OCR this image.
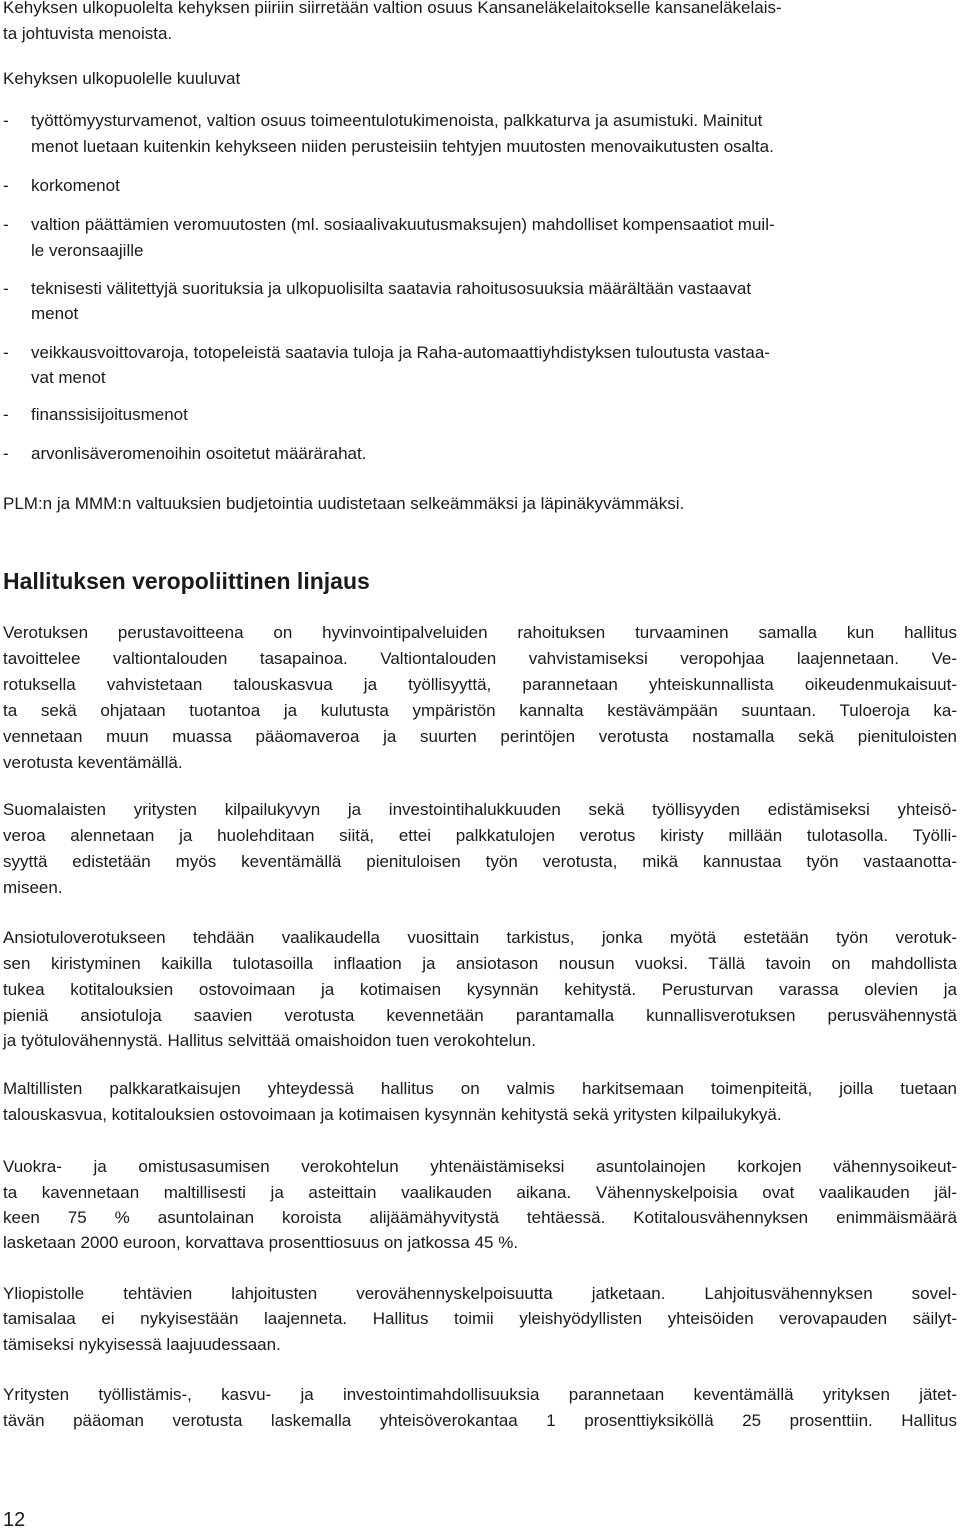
Kehyksen ulkopuolelta kehyksen piiriin siirretään valtion osuus Kansaneläkelaitokselle kansaneläkelais-
ta johtuvista menoista.
Kehyksen ulkopuolelle kuuluvat
- työttömyysturvamenot, valtion osuus toimeentulotukimenoista, palkkaturva ja asumistuki. Mainitut
menot luetaan kuitenkin kehykseen niiden perusteisiin tehtyjen muutosten menovaikutusten osalta.
- korkomenot
- valtion päättämien veromuutosten (ml. sosiaalivakuutusmaksujen) mahdolliset kompensaatiot muil-
le veronsaajille
- teknisesti välitettyjä suorituksia ja ulkopuolisilta saatavia rahoitusosuuksia määrältään vastaavat
menot
- veikkausvoittovaroja, totopeleistä saatavia tuloja ja Raha-automaattiyhdistyksen tuloutusta vastaa-
vat menot
- finanssisijoitusmenot
- arvonlisäveromenoihin osoitetut määrärahat.
PLM:n ja MMM:n valtuuksien budjetointia uudistetaan selkeämmäksi ja läpinäkyvämmäksi.
Hallituksen veropoliittinen linjaus
Verotuksen perustavoitteena on hyvinvointipalveluiden rahoituksen turvaaminen samalla kun hallitus
tavoittelee valtiontalouden tasapainoa. Valtiontalouden vahvistamiseksi veropohjaa laajennetaan. Ve-
rotuksella vahvistetaan talouskasvua ja työllisyyttä, parannetaan yhteiskunnallista oikeudenmukaisuut-
ta sekä ohjataan tuotantoa ja kulutusta ympäristön kannalta kestävämpään suuntaan. Tuloeroja ka-
vennetaan muun muassa pääomaveroa ja suurten perintöjen verotusta nostamalla sekä pienituloisten
verotusta keventämällä.
Suomalaisten yritysten kilpailukyvyn ja investointihalukkuuden sekä työllisyyden edistämiseksi yhteisö-
veroa alennetaan ja huolehditaan siitä, ettei palkkatulojen verotus kiristy millään tulotasolla. Työlli-
syyttä edistetään myös keventämällä pienituloisen työn verotusta, mikä kannustaa työn vastaanotta-
miseen.
Ansiotuloverotukseen tehdään vaalikaudella vuosittain tarkistus, jonka myötä estetään työn verotuk-
sen kiristyminen kaikilla tulotasoilla inflaation ja ansiotason nousun vuoksi. Tällä tavoin on mahdollista
tukea kotitalouksien ostovoimaan ja kotimaisen kysynnän kehitystä. Perusturvan varassa olevien ja
pieniä ansiotuloja saavien verotusta kevennetään parantamalla kunnallisverotuksen perusvähennystä
ja työtulovähennystä. Hallitus selvittää omaishoidon tuen verokohtelun.
Maltillisten palkkaratkaisujen yhteydessä hallitus on valmis harkitsemaan toimenpiteitä, joilla tuetaan
talouskasvua, kotitalouksien ostovoimaan ja kotimaisen kysynnän kehitystä sekä yritysten kilpailukykyä.
Vuokra- ja omistusasumisen verokohtelun yhtenäistämiseksi asuntolainojen korkojen vähennysoikeut-
ta kavennetaan maltillisesti ja asteittain vaalikauden aikana. Vähennyskelpoisia ovat vaalikauden jäl-
keen 75 % asuntolainan koroista alijäämähyvitystä tehtäessä. Kotitalousvähennyksen enimmäismäärä
lasketaan 2000 euroon, korvattava prosenttiosuus on jatkossa 45 %.
Yliopistolle tehtävien lahjoitusten verovähennyskelpoisuutta jatketaan. Lahjoitusvähennyksen sovel-
tamisalaa ei nykyisestään laajenneta. Hallitus toimii yleishyödyllisten yhteisöiden verovapauden säilyt-
tämiseksi nykyisessä laajuudessaan.
Yritysten työllistämis-, kasvu- ja investointimahdollisuuksia parannetaan keventämällä yrityksen jätet-
tävän pääoman verotusta laskemalla yhteisöverokantaa 1 prosenttiyksiköllä 25 prosenttiin. Hallitus
12
